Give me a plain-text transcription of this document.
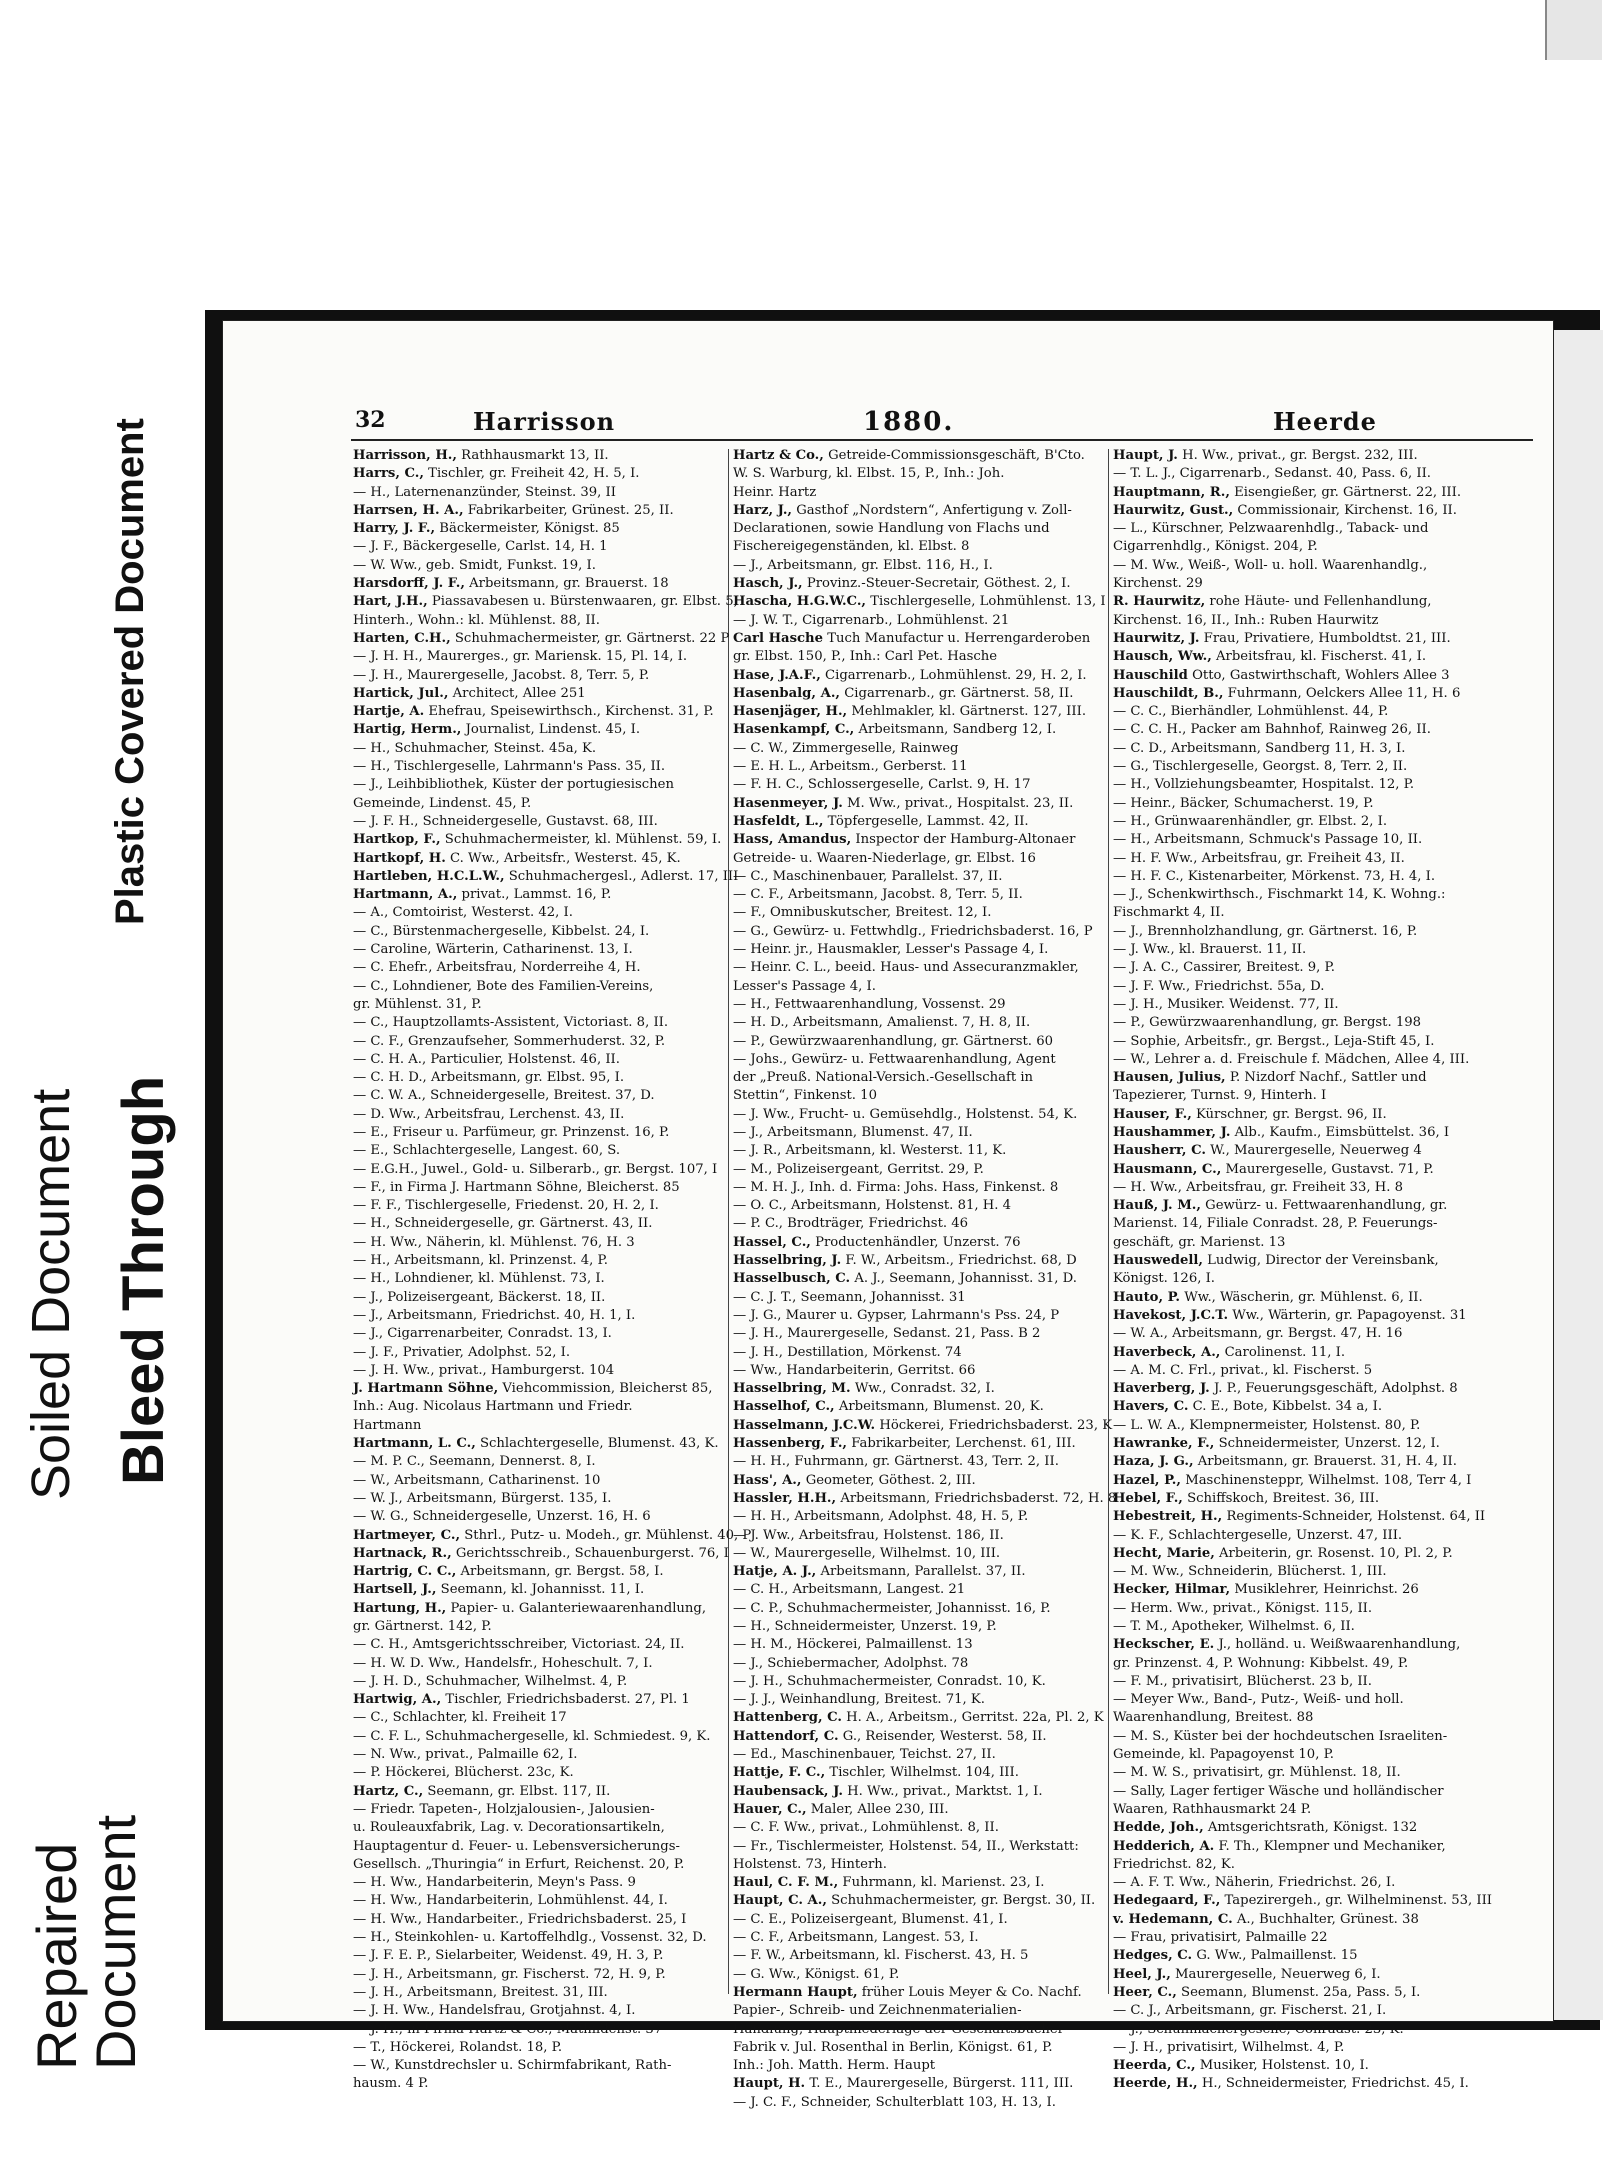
Soiled Document
Plastic Covered Document
Bleed Through
Repaired
Document
32	Harrisson	1880.	Heerde
Harrisson, H., Rathhausmarkt 13, II.
Harrs, C., Tischler, gr. Freiheit 42, H. 5, I.
— H., Laternenanzünder, Steinst. 39, II
Harrsen, H. A., Fabrikarbeiter, Grünest. 25, II.
Harry, J. F., Bäckermeister, Königst. 85
— J. F., Bäckergeselle, Carlst. 14, H. 1
— W. Ww., geb. Smidt, Funkst. 19, I.
Harsdorff, J. F., Arbeitsmann, gr. Brauerst. 18
Hart, J.H., Piassavabesen u. Bürstenwaaren, gr. Elbst. 5,
Hinterh., Wohn.: kl. Mühlenst. 88, II.
Harten, C.H., Schuhmachermeister, gr. Gärtnerst. 22 P
— J. H. H., Maurerges., gr. Mariensk. 15, Pl. 14, I.
— J. H., Maurergeselle, Jacobst. 8, Terr. 5, P.
Hartick, Jul., Architect, Allee 251
Hartje, A. Ehefrau, Speisewirthsch., Kirchenst. 31, P.
Hartig, Herm., Journalist, Lindenst. 45, I.
— H., Schuhmacher, Steinst. 45a, K.
— H., Tischlergeselle, Lahrmann's Pass. 35, II.
— J., Leihbibliothek, Küster der portugiesischen
Gemeinde, Lindenst. 45, P.
— J. F. H., Schneidergeselle, Gustavst. 68, III.
Hartkop, F., Schuhmachermeister, kl. Mühlenst. 59, I.
Hartkopf, H. C. Ww., Arbeitsfr., Westerst. 45, K.
Hartleben, H.C.L.W., Schuhmachergesl., Adlerst. 17, III
Hartmann, A., privat., Lammst. 16, P.
— A., Comtoirist, Westerst. 42, I.
— C., Bürstenmachergeselle, Kibbelst. 24, I.
— Caroline, Wärterin, Catharinenst. 13, I.
— C. Ehefr., Arbeitsfrau, Norderreihe 4, H.
— C., Lohndiener, Bote des Familien-Vereins,
gr. Mühlenst. 31, P.
— C., Hauptzollamts-Assistent, Victoriast. 8, II.
— C. F., Grenzaufseher, Sommerhuderst. 32, P.
— C. H. A., Particulier, Holstenst. 46, II.
— C. H. D., Arbeitsmann, gr. Elbst. 95, I.
— C. W. A., Schneidergeselle, Breitest. 37, D.
— D. Ww., Arbeitsfrau, Lerchenst. 43, II.
— E., Friseur u. Parfümeur, gr. Prinzenst. 16, P.
— E., Schlachtergeselle, Langest. 60, S.
— E.G.H., Juwel., Gold- u. Silberarb., gr. Bergst. 107, I
— F., in Firma J. Hartmann Söhne, Bleicherst. 85
— F. F., Tischlergeselle, Friedenst. 20, H. 2, I.
— H., Schneidergeselle, gr. Gärtnerst. 43, II.
— H. Ww., Näherin, kl. Mühlenst. 76, H. 3
— H., Arbeitsmann, kl. Prinzenst. 4, P.
— H., Lohndiener, kl. Mühlenst. 73, I.
— J., Polizeisergeant, Bäckerst. 18, II.
— J., Arbeitsmann, Friedrichst. 40, H. 1, I.
— J., Cigarrenarbeiter, Conradst. 13, I.
— J. F., Privatier, Adolphst. 52, I.
— J. H. Ww., privat., Hamburgerst. 104
J. Hartmann Söhne, Viehcommission, Bleicherst 85,
Inh.: Aug. Nicolaus Hartmann und Friedr.
Hartmann
Hartmann, L. C., Schlachtergeselle, Blumenst. 43, K.
— M. P. C., Seemann, Dennerst. 8, I.
— W., Arbeitsmann, Catharinenst. 10
— W. J., Arbeitsmann, Bürgerst. 135, I.
— W. G., Schneidergeselle, Unzerst. 16, H. 6
Hartmeyer, C., Sthrl., Putz- u. Modeh., gr. Mühlenst. 40, P
Hartnack, R., Gerichtsschreib., Schauenburgerst. 76, I
Hartrig, C. C., Arbeitsmann, gr. Bergst. 58, I.
Hartsell, J., Seemann, kl. Johannisst. 11, I.
Hartung, H., Papier- u. Galanteriewaarenhandlung,
gr. Gärtnerst. 142, P.
— C. H., Amtsgerichtsschreiber, Victoriast. 24, II.
— H. W. D. Ww., Handelsfr., Hoheschult. 7, I.
— J. H. D., Schuhmacher, Wilhelmst. 4, P.
Hartwig, A., Tischler, Friedrichsbaderst. 27, Pl. 1
— C., Schlachter, kl. Freiheit 17
— C. F. L., Schuhmachergeselle, kl. Schmiedest. 9, K.
— N. Ww., privat., Palmaille 62, I.
— P. Höckerei, Blücherst. 23c, K.
Hartz, C., Seemann, gr. Elbst. 117, II.
— Friedr. Tapeten-, Holzjalousien-, Jalousien-
u. Rouleauxfabrik, Lag. v. Decorationsartikeln,
Hauptagentur d. Feuer- u. Lebensversicherungs-
Gesellsch. „Thuringia“ in Erfurt, Reichenst. 20, P.
— H. Ww., Handarbeiterin, Meyn's Pass. 9
— H. Ww., Handarbeiterin, Lohmühlenst. 44, I.
— H. Ww., Handarbeiter., Friedrichsbaderst. 25, I
— H., Steinkohlen- u. Kartoffelhdlg., Vossenst. 32, D.
— J. F. E. P., Sielarbeiter, Weidenst. 49, H. 3, P.
— J. H., Arbeitsmann, gr. Fischerst. 72, H. 9, P.
— J. H., Arbeitsmann, Breitest. 31, III.
— J. H. Ww., Handelsfrau, Grotjahnst. 4, I.
— J. H., in Firma Hartz & Co., Mathildenst. 37
— T., Höckerei, Rolandst. 18, P.
— W., Kunstdrechsler u. Schirmfabrikant, Rath-
hausm. 4 P.
Hartz & Co., Getreide-Commissionsgeschäft, B'Cto.
W. S. Warburg, kl. Elbst. 15, P., Inh.: Joh.
Heinr. Hartz
Harz, J., Gasthof „Nordstern“, Anfertigung v. Zoll-
Declarationen, sowie Handlung von Flachs und
Fischereigegenständen, kl. Elbst. 8
— J., Arbeitsmann, gr. Elbst. 116, H., I.
Hasch, J., Provinz.-Steuer-Secretair, Göthest. 2, I.
Hascha, H.G.W.C., Tischlergeselle, Lohmühlenst. 13, I
— J. W. T., Cigarrenarb., Lohmühlenst. 21
Carl Hasche Tuch Manufactur u. Herrengarderoben
gr. Elbst. 150, P., Inh.: Carl Pet. Hasche
Hase, J.A.F., Cigarrenarb., Lohmühlenst. 29, H. 2, I.
Hasenbalg, A., Cigarrenarb., gr. Gärtnerst. 58, II.
Hasenjäger, H., Mehlmakler, kl. Gärtnerst. 127, III.
Hasenkampf, C., Arbeitsmann, Sandberg 12, I.
— C. W., Zimmergeselle, Rainweg
— E. H. L., Arbeitsm., Gerberst. 11
— F. H. C., Schlossergeselle, Carlst. 9, H. 17
Hasenmeyer, J. M. Ww., privat., Hospitalst. 23, II.
Hasfeldt, L., Töpfergeselle, Lammst. 42, II.
Hass, Amandus, Inspector der Hamburg-Altonaer
Getreide- u. Waaren-Niederlage, gr. Elbst. 16
— C., Maschinenbauer, Parallelst. 37, II.
— C. F., Arbeitsmann, Jacobst. 8, Terr. 5, II.
— F., Omnibuskutscher, Breitest. 12, I.
— G., Gewürz- u. Fettwhdlg., Friedrichsbaderst. 16, P
— Heinr. jr., Hausmakler, Lesser's Passage 4, I.
— Heinr. C. L., beeid. Haus- und Assecuranzmakler,
Lesser's Passage 4, I.
— H., Fettwaarenhandlung, Vossenst. 29
— H. D., Arbeitsmann, Amalienst. 7, H. 8, II.
— P., Gewürzwaarenhandlung, gr. Gärtnerst. 60
— Johs., Gewürz- u. Fettwaarenhandlung, Agent
der „Preuß. National-Versich.-Gesellschaft in
Stettin“, Finkenst. 10
— J. Ww., Frucht- u. Gemüsehdlg., Holstenst. 54, K.
— J., Arbeitsmann, Blumenst. 47, II.
— J. R., Arbeitsmann, kl. Westerst. 11, K.
— M., Polizeisergeant, Gerritst. 29, P.
— M. H. J., Inh. d. Firma: Johs. Hass, Finkenst. 8
— O. C., Arbeitsmann, Holstenst. 81, H. 4
— P. C., Brodträger, Friedrichst. 46
Hassel, C., Productenhändler, Unzerst. 76
Hasselbring, J. F. W., Arbeitsm., Friedrichst. 68, D
Hasselbusch, C. A. J., Seemann, Johannisst. 31, D.
— C. J. T., Seemann, Johannisst. 31
— J. G., Maurer u. Gypser, Lahrmann's Pss. 24, P
— J. H., Maurergeselle, Sedanst. 21, Pass. B 2
— J. H., Destillation, Mörkenst. 74
— Ww., Handarbeiterin, Gerritst. 66
Hasselbring, M. Ww., Conradst. 32, I.
Hasselhof, C., Arbeitsmann, Blumenst. 20, K.
Hasselmann, J.C.W. Höckerei, Friedrichsbaderst. 23, K
Hassenberg, F., Fabrikarbeiter, Lerchenst. 61, III.
— H. H., Fuhrmann, gr. Gärtnerst. 43, Terr. 2, II.
Hass', A., Geometer, Göthest. 2, III.
Hassler, H.H., Arbeitsmann, Friedrichsbaderst. 72, H. 8
— H. H., Arbeitsmann, Adolphst. 48, H. 5, P.
— J. Ww., Arbeitsfrau, Holstenst. 186, II.
— W., Maurergeselle, Wilhelmst. 10, III.
Hatje, A. J., Arbeitsmann, Parallelst. 37, II.
— C. H., Arbeitsmann, Langest. 21
— C. P., Schuhmachermeister, Johannisst. 16, P.
— H., Schneidermeister, Unzerst. 19, P.
— H. M., Höckerei, Palmaillenst. 13
— J., Schiebermacher, Adolphst. 78
— J. H., Schuhmachermeister, Conradst. 10, K.
— J. J., Weinhandlung, Breitest. 71, K.
Hattenberg, C. H. A., Arbeitsm., Gerritst. 22a, Pl. 2, K
Hattendorf, C. G., Reisender, Westerst. 58, II.
— Ed., Maschinenbauer, Teichst. 27, II.
Hattje, F. C., Tischler, Wilhelmst. 104, III.
Haubensack, J. H. Ww., privat., Marktst. 1, I.
Hauer, C., Maler, Allee 230, III.
— C. F. Ww., privat., Lohmühlenst. 8, II.
— Fr., Tischlermeister, Holstenst. 54, II., Werkstatt:
Holstenst. 73, Hinterh.
Haul, C. F. M., Fuhrmann, kl. Marienst. 23, I.
Haupt, C. A., Schuhmachermeister, gr. Bergst. 30, II.
— C. E., Polizeisergeant, Blumenst. 41, I.
— C. F., Arbeitsmann, Langest. 53, I.
— F. W., Arbeitsmann, kl. Fischerst. 43, H. 5
— G. Ww., Königst. 61, P.
Hermann Haupt, früher Louis Meyer & Co. Nachf.
Papier-, Schreib- und Zeichnenmaterialien-
Handlung, Hauptniederlage der Geschäftsbücher-
Fabrik v. Jul. Rosenthal in Berlin, Königst. 61, P.
Inh.: Joh. Matth. Herm. Haupt
Haupt, H. T. E., Maurergeselle, Bürgerst. 111, III.
— J. C. F., Schneider, Schulterblatt 103, H. 13, I.
Haupt, J. H. Ww., privat., gr. Bergst. 232, III.
— T. L. J., Cigarrenarb., Sedanst. 40, Pass. 6, II.
Hauptmann, R., Eisengießer, gr. Gärtnerst. 22, III.
Haurwitz, Gust., Commissionair, Kirchenst. 16, II.
— L., Kürschner, Pelzwaarenhdlg., Taback- und
Cigarrenhdlg., Königst. 204, P.
— M. Ww., Weiß-, Woll- u. holl. Waarenhandlg.,
Kirchenst. 29
R. Haurwitz, rohe Häute- und Fellenhandlung,
Kirchenst. 16, II., Inh.: Ruben Haurwitz
Haurwitz, J. Frau, Privatiere, Humboldtst. 21, III.
Hausch, Ww., Arbeitsfrau, kl. Fischerst. 41, I.
Hauschild Otto, Gastwirthschaft, Wohlers Allee 3
Hauschildt, B., Fuhrmann, Oelckers Allee 11, H. 6
— C. C., Bierhändler, Lohmühlenst. 44, P.
— C. C. H., Packer am Bahnhof, Rainweg 26, II.
— C. D., Arbeitsmann, Sandberg 11, H. 3, I.
— G., Tischlergeselle, Georgst. 8, Terr. 2, II.
— H., Vollziehungsbeamter, Hospitalst. 12, P.
— Heinr., Bäcker, Schumacherst. 19, P.
— H., Grünwaarenhändler, gr. Elbst. 2, I.
— H., Arbeitsmann, Schmuck's Passage 10, II.
— H. F. Ww., Arbeitsfrau, gr. Freiheit 43, II.
— H. F. C., Kistenarbeiter, Mörkenst. 73, H. 4, I.
— J., Schenkwirthsch., Fischmarkt 14, K. Wohng.:
Fischmarkt 4, II.
— J., Brennholzhandlung, gr. Gärtnerst. 16, P.
— J. Ww., kl. Brauerst. 11, II.
— J. A. C., Cassirer, Breitest. 9, P.
— J. F. Ww., Friedrichst. 55a, D.
— J. H., Musiker. Weidenst. 77, II.
— P., Gewürzwaarenhandlung, gr. Bergst. 198
— Sophie, Arbeitsfr., gr. Bergst., Leja-Stift 45, I.
— W., Lehrer a. d. Freischule f. Mädchen, Allee 4, III.
Hausen, Julius, P. Nizdorf Nachf., Sattler und
Tapezierer, Turnst. 9, Hinterh. I
Hauser, F., Kürschner, gr. Bergst. 96, II.
Haushammer, J. Alb., Kaufm., Eimsbüttelst. 36, I
Hausherr, C. W., Maurergeselle, Neuerweg 4
Hausmann, C., Maurergeselle, Gustavst. 71, P.
— H. Ww., Arbeitsfrau, gr. Freiheit 33, H. 8
Hauß, J. M., Gewürz- u. Fettwaarenhandlung, gr.
Marienst. 14, Filiale Conradst. 28, P. Feuerungs-
geschäft, gr. Marienst. 13
Hauswedell, Ludwig, Director der Vereinsbank,
Königst. 126, I.
Hauto, P. Ww., Wäscherin, gr. Mühlenst. 6, II.
Havekost, J.C.T. Ww., Wärterin, gr. Papagoyenst. 31
— W. A., Arbeitsmann, gr. Bergst. 47, H. 16
Haverbeck, A., Carolinenst. 11, I.
— A. M. C. Frl., privat., kl. Fischerst. 5
Haverberg, J. J. P., Feuerungsgeschäft, Adolphst. 8
Havers, C. C. E., Bote, Kibbelst. 34 a, I.
— L. W. A., Klempnermeister, Holstenst. 80, P.
Hawranke, F., Schneidermeister, Unzerst. 12, I.
Haza, J. G., Arbeitsmann, gr. Brauerst. 31, H. 4, II.
Hazel, P., Maschinensteppr, Wilhelmst. 108, Terr 4, I
Hebel, F., Schiffskoch, Breitest. 36, III.
Hebestreit, H., Regiments-Schneider, Holstenst. 64, II
— K. F., Schlachtergeselle, Unzerst. 47, III.
Hecht, Marie, Arbeiterin, gr. Rosenst. 10, Pl. 2, P.
— M. Ww., Schneiderin, Blücherst. 1, III.
Hecker, Hilmar, Musiklehrer, Heinrichst. 26
— Herm. Ww., privat., Königst. 115, II.
— T. M., Apotheker, Wilhelmst. 6, II.
Heckscher, E. J., holländ. u. Weißwaarenhandlung,
gr. Prinzenst. 4, P. Wohnung: Kibbelst. 49, P.
— F. M., privatisirt, Blücherst. 23 b, II.
— Meyer Ww., Band-, Putz-, Weiß- und holl.
Waarenhandlung, Breitest. 88
— M. S., Küster bei der hochdeutschen Israeliten-
Gemeinde, kl. Papagoyenst 10, P.
— M. W. S., privatisirt, gr. Mühlenst. 18, II.
— Sally, Lager fertiger Wäsche und holländischer
Waaren, Rathhausmarkt 24 P.
Hedde, Joh., Amtsgerichtsrath, Königst. 132
Hedderich, A. F. Th., Klempner und Mechaniker,
Friedrichst. 82, K.
— A. F. T. Ww., Näherin, Friedrichst. 26, I.
Hedegaard, F., Tapezirergeh., gr. Wilhelminenst. 53, III
v. Hedemann, C. A., Buchhalter, Grünest. 38
— Frau, privatisirt, Palmaille 22
Hedges, C. G. Ww., Palmaillenst. 15
Heel, J., Maurergeselle, Neuerweg 6, I.
Heer, C., Seemann, Blumenst. 25a, Pass. 5, I.
— C. J., Arbeitsmann, gr. Fischerst. 21, I.
— J., Schuhmachergeselle, Conradst. 23, K.
— J. H., privatisirt, Wilhelmst. 4, P.
Heerda, C., Musiker, Holstenst. 10, I.
Heerde, H., H., Schneidermeister, Friedrichst. 45, I.
